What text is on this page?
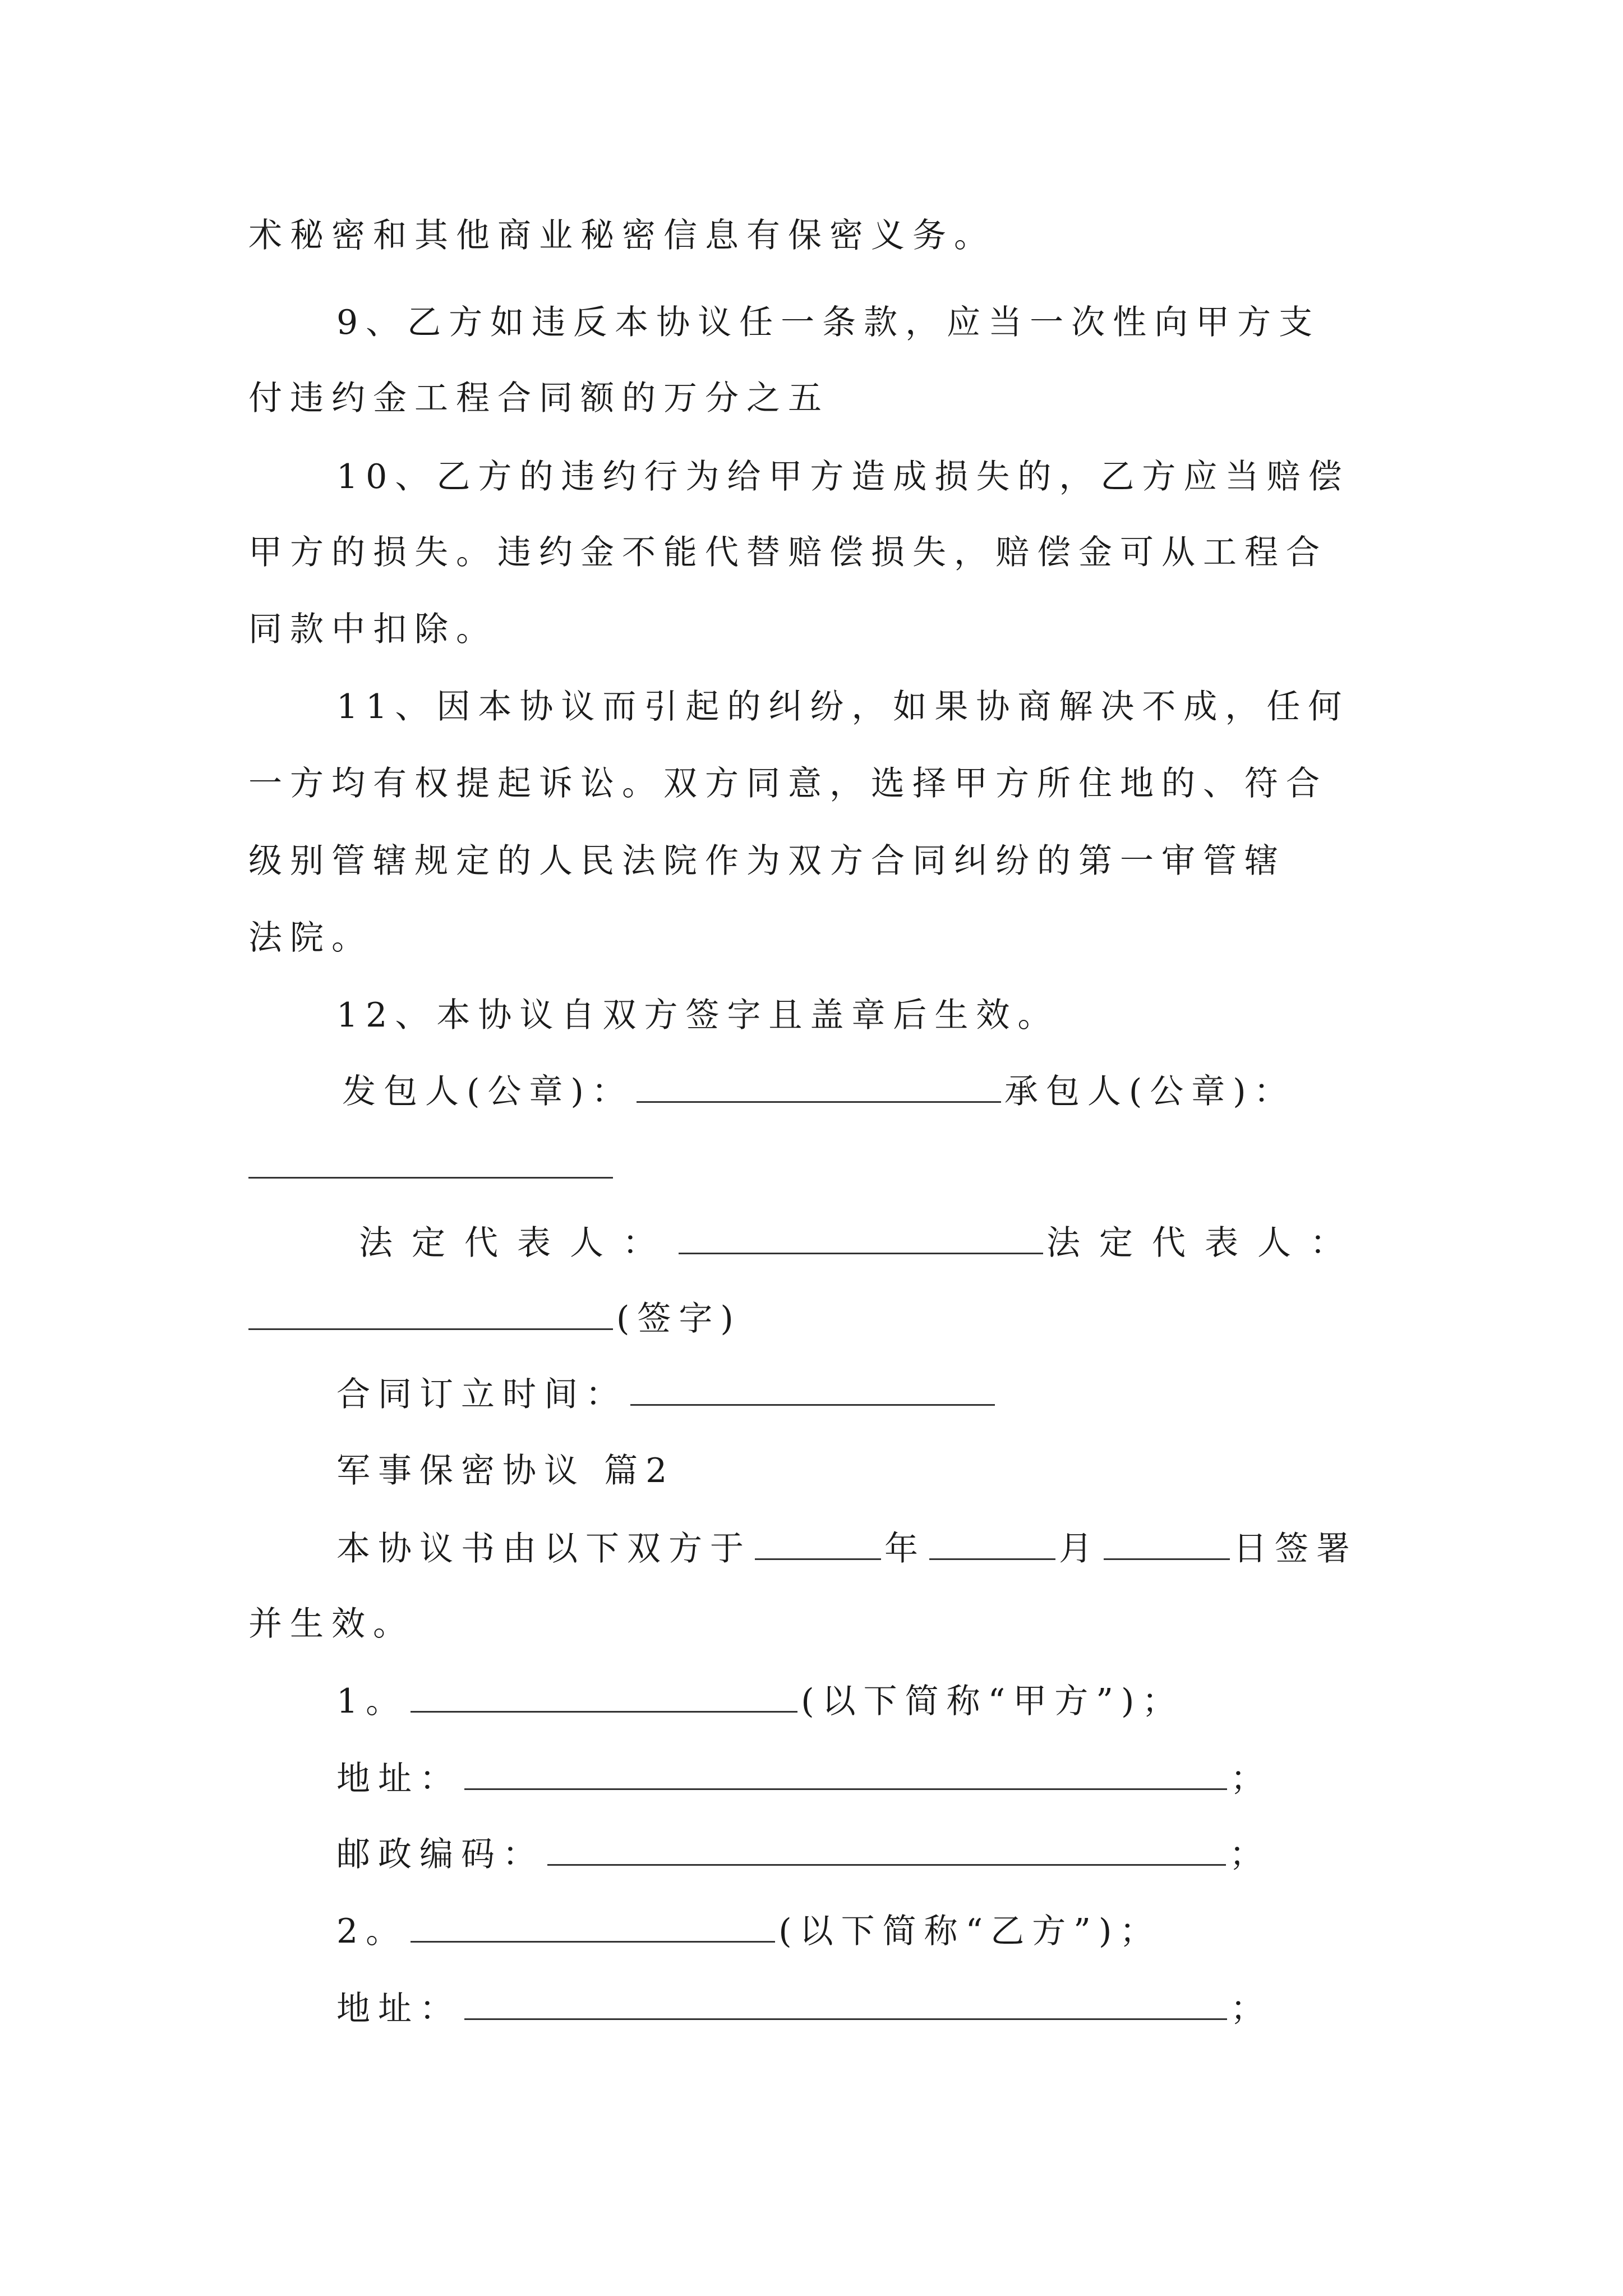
术秘密和其他商业秘密信息有保密义务。
9、乙方如违反本协议任一条款，应当一次性向甲方支
付违约金工程合同额的万分之五
10、乙方的违约行为给甲方造成损失的，乙方应当赔偿
甲方的损失。违约金不能代替赔偿损失，赔偿金可从工程合
同款中扣除。
11、因本协议而引起的纠纷，如果协商解决不成，任何
一方均有权提起诉讼。双方同意，选择甲方所住地的、符合
级别管辖规定的人民法院作为双方合同纠纷的第一审管辖
法院。
12、本协议自双方签字且盖章后生效。
发包人(公章)：	承包人(公章)：
法定代表人：	法定代表人：
(签字)
合同订立时间：
军事保密协议 篇2
本协议书由以下双方于	年	月	日签署
并生效。
1。	(以下简称“甲方”)；
地址：	；
邮政编码：	；
2。	(以下简称“乙方”)；
地址：	；
